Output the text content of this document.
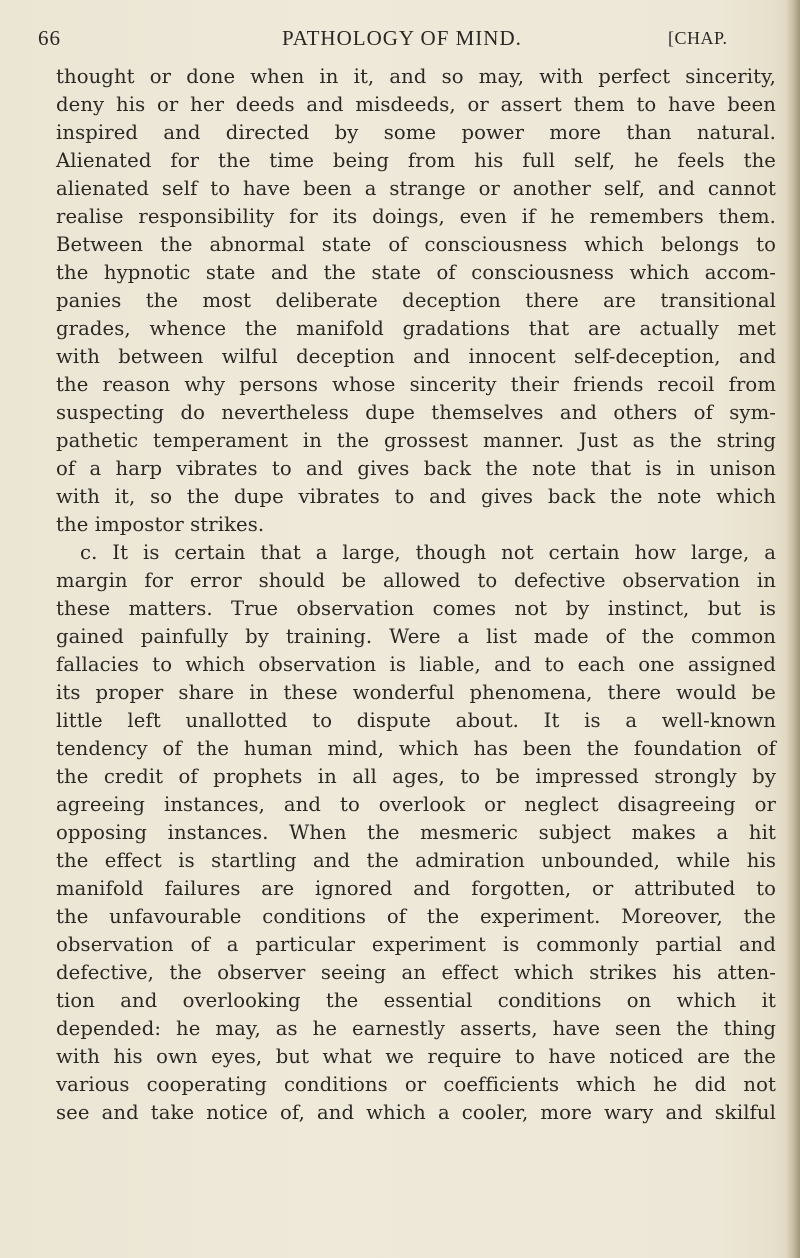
66	PATHOLOGY OF MIND.	[CHAP.
thought or done when in it, and so may, with perfect sincerity,
deny his or her deeds and misdeeds, or assert them to have been
inspired and directed by some power more than natural.
Alienated for the time being from his full self, he feels the
alienated self to have been a strange or another self, and cannot
realise responsibility for its doings, even if he remembers them.
Between the abnormal state of consciousness which belongs to
the hypnotic state and the state of consciousness which accom-
panies the most deliberate deception there are transitional
grades, whence the manifold gradations that are actually met
with between wilful deception and innocent self-deception, and
the reason why persons whose sincerity their friends recoil from
suspecting do nevertheless dupe themselves and others of sym-
pathetic temperament in the grossest manner. Just as the string
of a harp vibrates to and gives back the note that is in unison
with it, so the dupe vibrates to and gives back the note which
the impostor strikes.
c. It is certain that a large, though not certain how large, a
margin for error should be allowed to defective observation in
these matters. True observation comes not by instinct, but is
gained painfully by training. Were a list made of the common
fallacies to which observation is liable, and to each one assigned
its proper share in these wonderful phenomena, there would be
little left unallotted to dispute about. It is a well-known
tendency of the human mind, which has been the foundation of
the credit of prophets in all ages, to be impressed strongly by
agreeing instances, and to overlook or neglect disagreeing or
opposing instances. When the mesmeric subject makes a hit
the effect is startling and the admiration unbounded, while his
manifold failures are ignored and forgotten, or attributed to
the unfavourable conditions of the experiment. Moreover, the
observation of a particular experiment is commonly partial and
defective, the observer seeing an effect which strikes his atten-
tion and overlooking the essential conditions on which it
depended: he may, as he earnestly asserts, have seen the thing
with his own eyes, but what we require to have noticed are the
various cooperating conditions or coefficients which he did not
see and take notice of, and which a cooler, more wary and skilful
